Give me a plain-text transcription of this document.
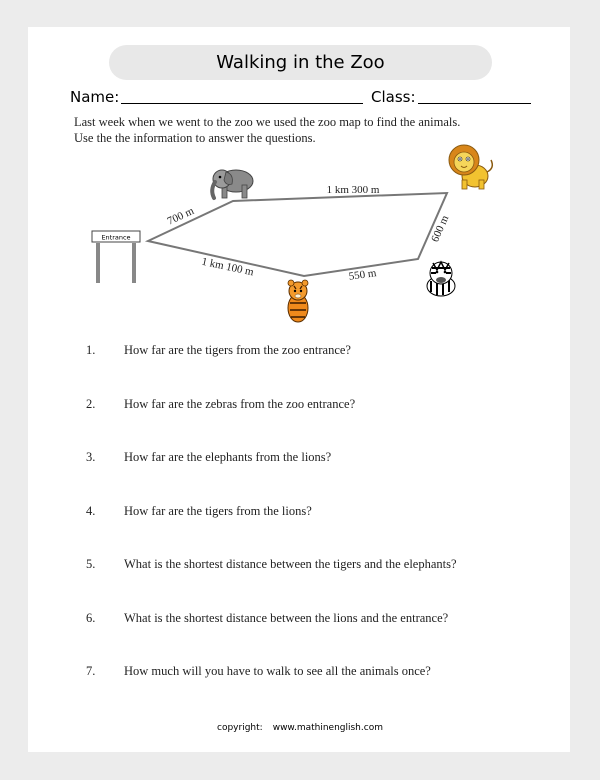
Walking in the Zoo
Name:	Class:
Last week when we went to the zoo we used the zoo map to find the animals.
Use the the information to answer the questions.
Entrance
700 m
1 km 300 m
600 m
550 m
1 km 100 m
1. How far are the tigers from the zoo entrance?
2. How far are the zebras from the zoo entrance?
3. How far are the elephants from the lions?
4. How far are the tigers from the lions?
5. What is the shortest distance between the tigers and the elephants?
6. What is the shortest distance between the lions and the entrance?
7. How much will you have to walk to see all the animals once?
copyright: www.mathinenglish.com
